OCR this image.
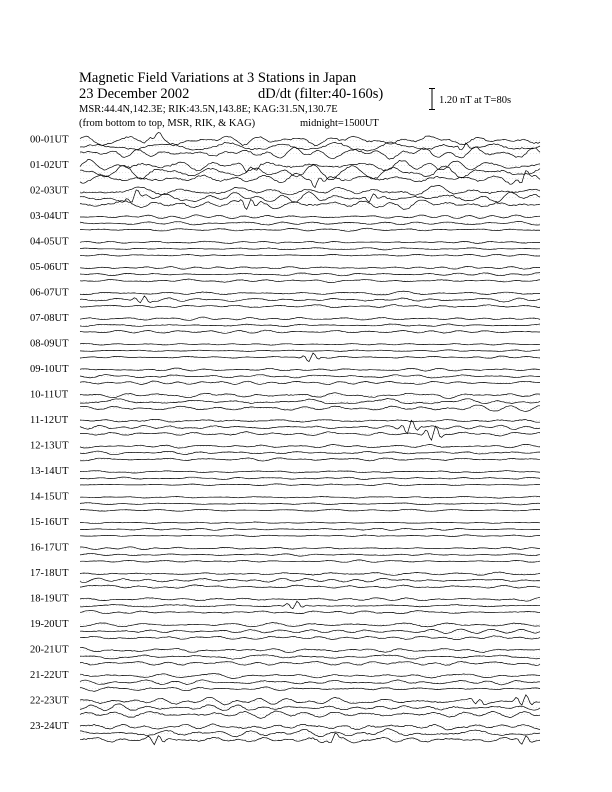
Magnetic Field Variations at 3 Stations in Japan
23 December 2002	dD/dt (filter:40-160s)
MSR:44.4N,142.3E; RIK:43.5N,143.8E; KAG:31.5N,130.7E
(from bottom to top, MSR, RIK, & KAG)	midnight=1500UT
1.20 nT at T=80s
00-01UT
01-02UT
02-03UT
03-04UT
04-05UT
05-06UT
06-07UT
07-08UT
08-09UT
09-10UT
10-11UT
11-12UT
12-13UT
13-14UT
14-15UT
15-16UT
16-17UT
17-18UT
18-19UT
19-20UT
20-21UT
21-22UT
22-23UT
23-24UT
